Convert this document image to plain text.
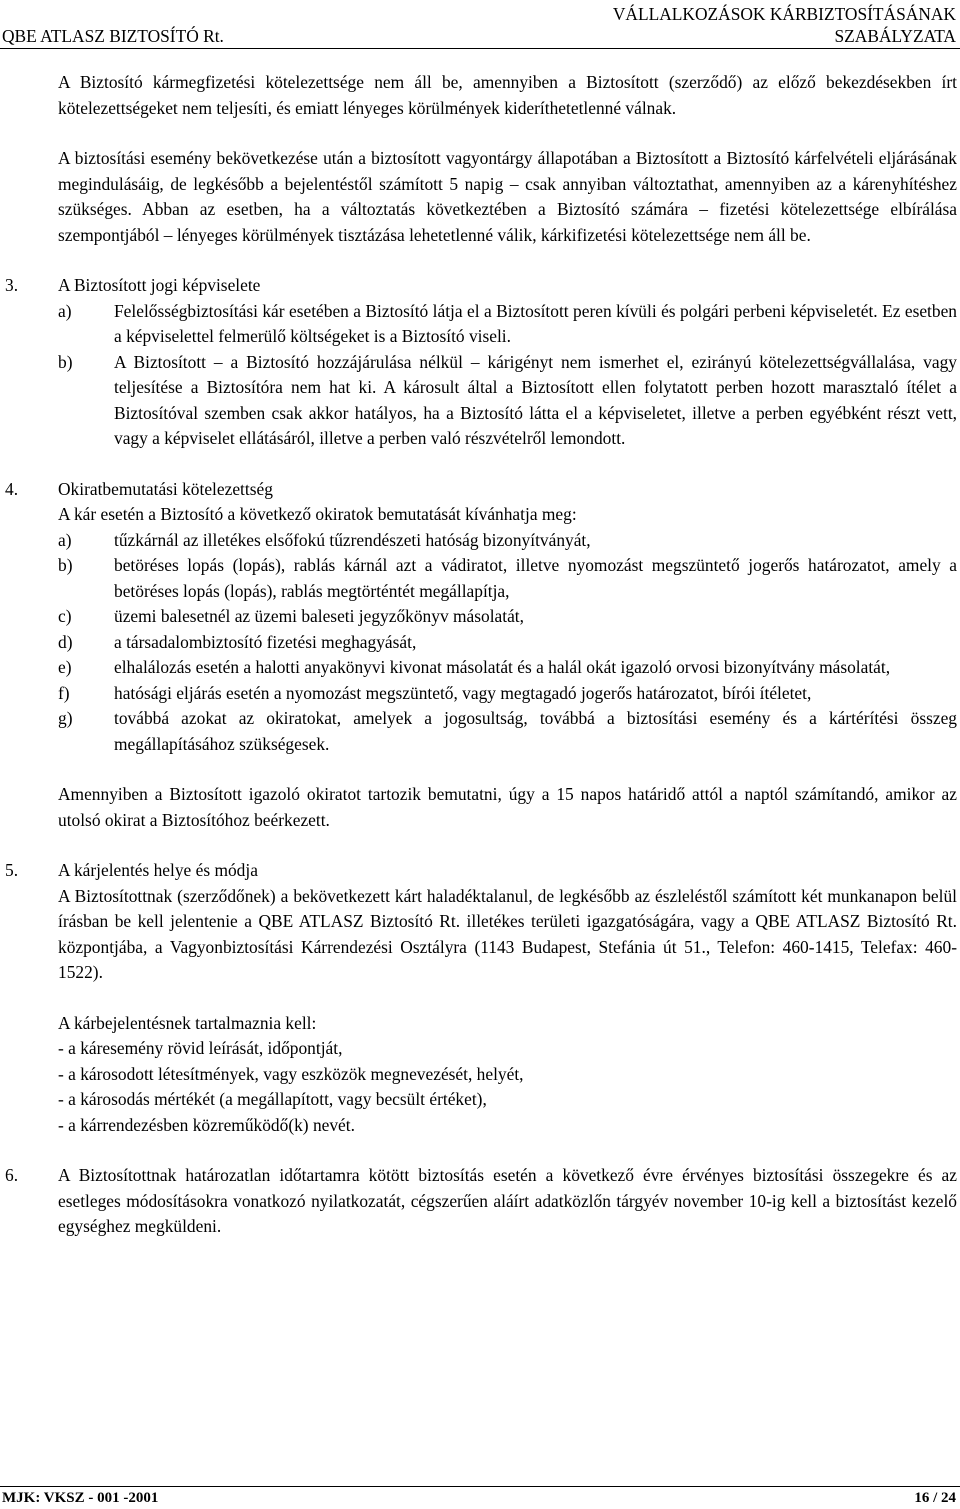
QBE ATLASZ BIZTOSÍTÓ Rt.
VÁLLALKOZÁSOK KÁRBIZTOSÍTÁSÁNAK
SZABÁLYZATA

A Biztosító kármegfizetési kötelezettsége nem áll be, amennyiben a Biztosított (szerződő) az előző bekezdésekben írt kötelezettségeket nem teljesíti, és emiatt lényeges körülmények kideríthetetlenné válnak.

A biztosítási esemény bekövetkezése után a biztosított vagyontárgy állapotában a Biztosított a Biztosító kárfelvételi eljárásának megindulásáig, de legkésőbb a bejelentéstől számított 5 napig – csak annyiban változtathat, amennyiben az a kárenyhítéshez szükséges. Abban az esetben, ha a változtatás következtében a Biztosító számára – fizetési kötelezettsége elbírálása szempontjából – lényeges körülmények tisztázása lehetetlenné válik, kárkifizetési kötelezettsége nem áll be.

3. A Biztosított jogi képviselete

a) Felelősségbiztosítási kár esetében a Biztosító látja el a Biztosított peren kívüli és polgári perbeni képviseletét. Ez esetben a képviselettel felmerülő költségeket is a Biztosító viseli.
b) A Biztosított – a Biztosító hozzájárulása nélkül – kárigényt nem ismerhet el, ezirányú kötelezettségvállalása, vagy teljesítése a Biztosítóra nem hat ki. A károsult által a Biztosított ellen folytatott perben hozott marasztaló ítélet a Biztosítóval szemben csak akkor hatályos, ha a Biztosító látta el a képviseletet, illetve a perben egyébként részt vett, vagy a képviselet ellátásáról, illetve a perben való részvételről lemondott.
4. Okiratbemutatási kötelezettség

A kár esetén a Biztosító a következő okiratok bemutatását kívánhatja meg:

a) tűzkárnál az illetékes elsőfokú tűzrendészeti hatóság bizonyítványát,
b) betöréses lopás (lopás), rablás kárnál azt a vádiratot, illetve nyomozást megszüntető jogerős határozatot, amely a betöréses lopás (lopás), rablás megtörténtét megállapítja,
c) üzemi balesetnél az üzemi baleseti jegyzőkönyv másolatát,
d) a társadalombiztosító fizetési meghagyását,
e) elhalálozás esetén a halotti anyakönyvi kivonat másolatát és a halál okát igazoló orvosi bizonyítvány másolatát,
f)	hatósági eljárás esetén a nyomozást megszüntető, vagy megtagadó jogerős határozatot, bírói ítéletet,
g) továbbá azokat az okiratokat, amelyek a jogosultság, továbbá a biztosítási esemény és a kártérítési összeg megállapításához szükségesek.

Amennyiben a Biztosított igazoló okiratot tartozik bemutatni, úgy a 15 napos határidő attól a naptól számítandó, amikor az utolsó okirat a Biztosítóhoz beérkezett.

5. A kárjelentés helye és módja

A Biztosítottnak (szerződőnek) a bekövetkezett kárt haladéktalanul, de legkésőbb az észleléstől számított két munkanapon belül írásban be kell jelentenie a QBE ATLASZ Biztosító Rt. illetékes területi igazgatóságára, vagy a QBE ATLASZ Biztosító Rt. központjába, a Vagyonbiztosítási Kárrendezési Osztályra (1143 Budapest, Stefánia út 51., Telefon: 460-1415, Telefax: 460-1522).

A kárbejelentésnek tartalmaznia kell:

- a káresemény rövid leírását, időpontját,

- a károsodott létesítmények, vagy eszközök megnevezését, helyét,

- a károsodás mértékét (a megállapított, vagy becsült értéket),

- a kárrendezésben közreműködő(k) nevét.

6. A Biztosítottnak határozatlan időtartamra kötött biztosítás esetén a következő évre érvényes biztosítási összegekre és az esetleges módosításokra vonatkozó nyilatkozatát, cégszerűen aláírt adatközlőn tárgyév november 10-ig kell a biztosítást kezelő egységhez megküldeni.

MJK: VKSZ - 001 -2001	16 / 24
